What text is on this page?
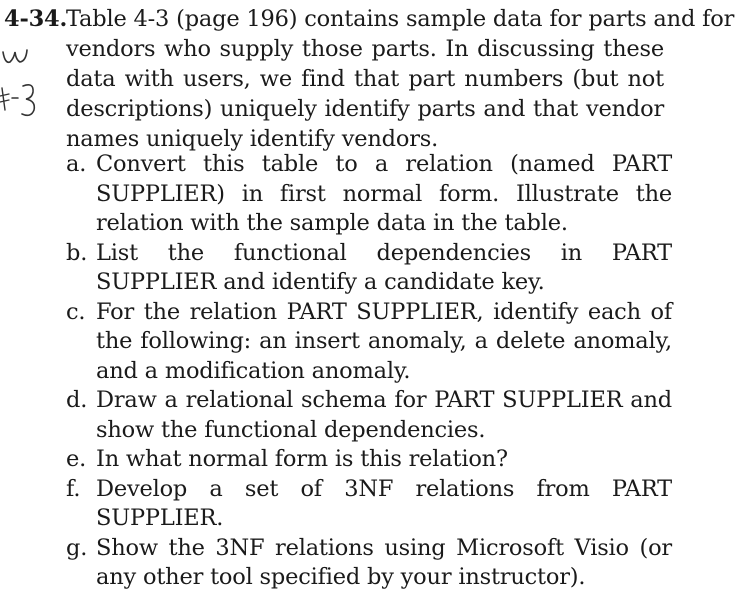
4-34.Table 4-3 (page 196) contains sample data for parts and for
vendors who supply those parts. In discussing these data with users, we find that part numbers (but not descriptions) uniquely identify parts and that vendor names uniquely identify vendors.
a. Convert this table to a relation (named PART SUPPLIER) in first normal form. Illustrate the relation with the sample data in the table.
b. List the functional dependencies in PART SUPPLIER and identify a candidate key.
c. For the relation PART SUPPLIER, identify each of the following: an insert anomaly, a delete anomaly, and a modification anomaly.
d. Draw a relational schema for PART SUPPLIER and show the functional dependencies.
e. In what normal form is this relation?
f. Develop a set of 3NF relations from PART SUPPLIER.
g. Show the 3NF relations using Microsoft Visio (or any other tool specified by your instructor).
